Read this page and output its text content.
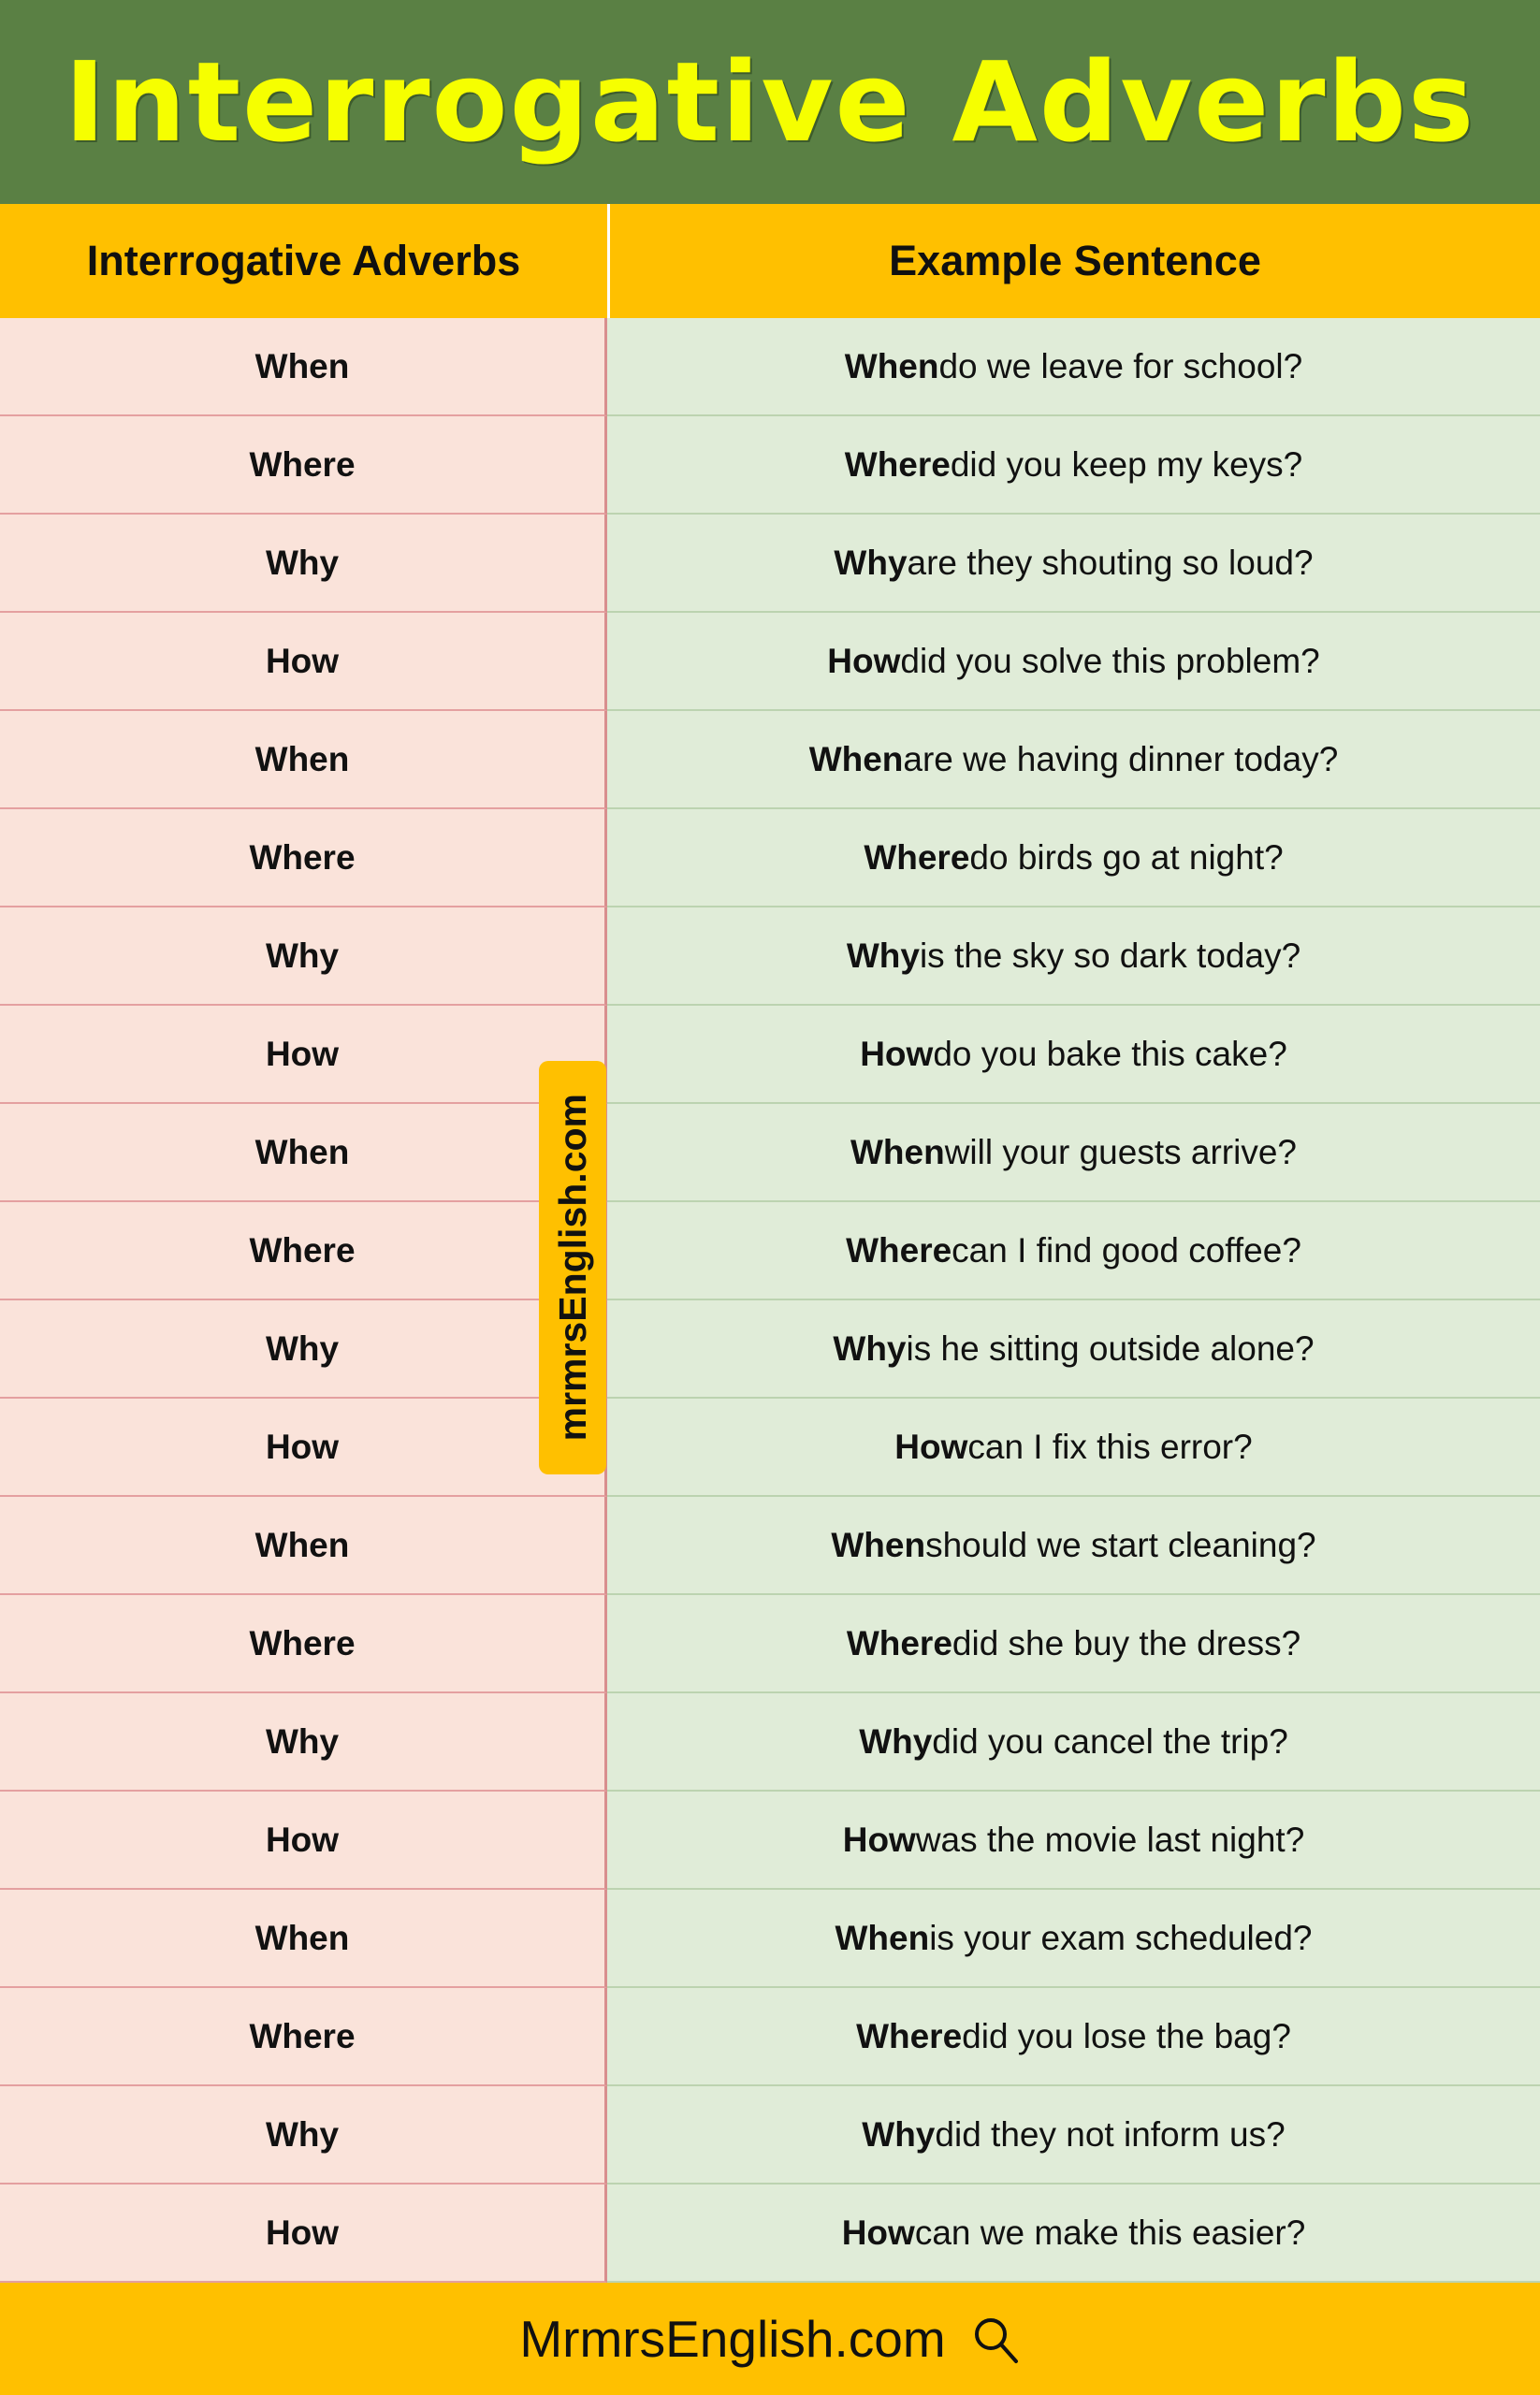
Interrogative Adverbs
Interrogative Adverbs	Example Sentence
mrmrsEnglish.com
When	When do we leave for school?
Where	Where did you keep my keys?
Why	Why are they shouting so loud?
How	How did you solve this problem?
When	When are we having dinner today?
Where	Where do birds go at night?
Why	Why is the sky so dark today?
How	How do you bake this cake?
When	When will your guests arrive?
Where	Where can I find good coffee?
Why	Why is he sitting outside alone?
How	How can I fix this error?
When	When should we start cleaning?
Where	Where did she buy the dress?
Why	Why did you cancel the trip?
How	How was the movie last night?
When	When is your exam scheduled?
Where	Where did you lose the bag?
Why	Why did they not inform us?
How	How can we make this easier?
MrmrsEnglish.com
